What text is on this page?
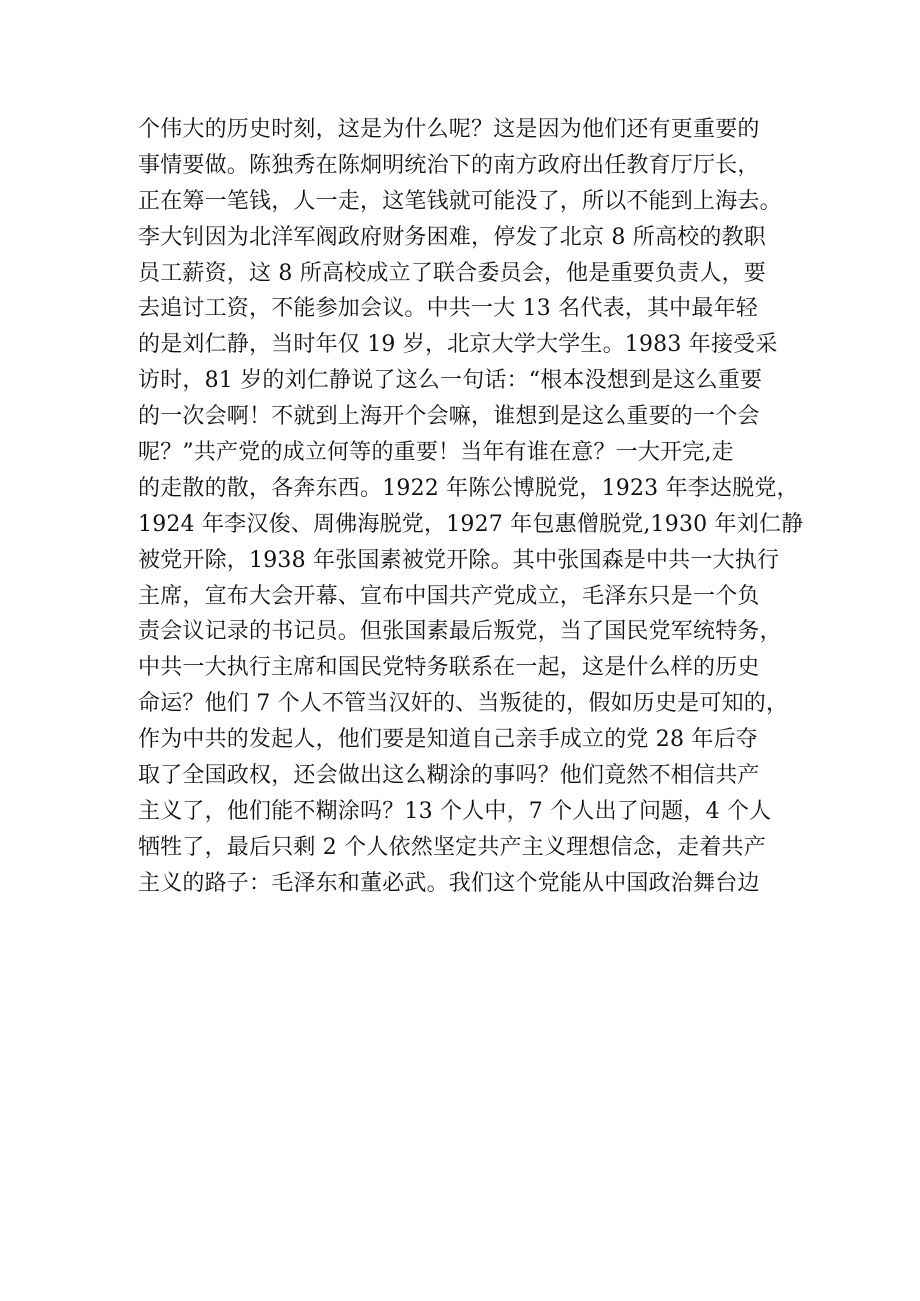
个伟大的历史时刻，这是为什么呢？这是因为他们还有更重要的
事情要做。陈独秀在陈炯明统治下的南方政府出任教育厅厅长，
正在筹一笔钱，人一走，这笔钱就可能没了，所以不能到上海去。
李大钊因为北洋军阀政府财务困难，停发了北京 8 所高校的教职
员工薪资，这 8 所高校成立了联合委员会，他是重要负责人，要
去追讨工资，不能参加会议。中共一大 13 名代表，其中最年轻
的是刘仁静，当时年仅 19 岁，北京大学大学生。1983 年接受采
访时，81 岁的刘仁静说了这么一句话：“根本没想到是这么重要
的一次会啊！不就到上海开个会嘛，谁想到是这么重要的一个会
呢？”共产党的成立何等的重要！当年有谁在意？一大开完,走
的走散的散，各奔东西。1922 年陈公博脱党，1923 年李达脱党，
1924 年李汉俊、周佛海脱党，1927 年包惠僧脱党,1930 年刘仁静
被党开除，1938 年张国素被党开除。其中张国森是中共一大执行
主席，宣布大会开幕、宣布中国共产党成立，毛泽东只是一个负
责会议记录的书记员。但张国素最后叛党，当了国民党军统特务，
中共一大执行主席和国民党特务联系在一起，这是什么样的历史
命运？他们 7 个人不管当汉奸的、当叛徒的，假如历史是可知的，
作为中共的发起人，他们要是知道自己亲手成立的党 28 年后夺
取了全国政权，还会做出这么糊涂的事吗？他们竟然不相信共产
主义了，他们能不糊涂吗？13 个人中，7 个人出了问题，4 个人
牺牲了，最后只剩 2 个人依然坚定共产主义理想信念，走着共产
主义的路子：毛泽东和董必武。我们这个党能从中国政治舞台边
